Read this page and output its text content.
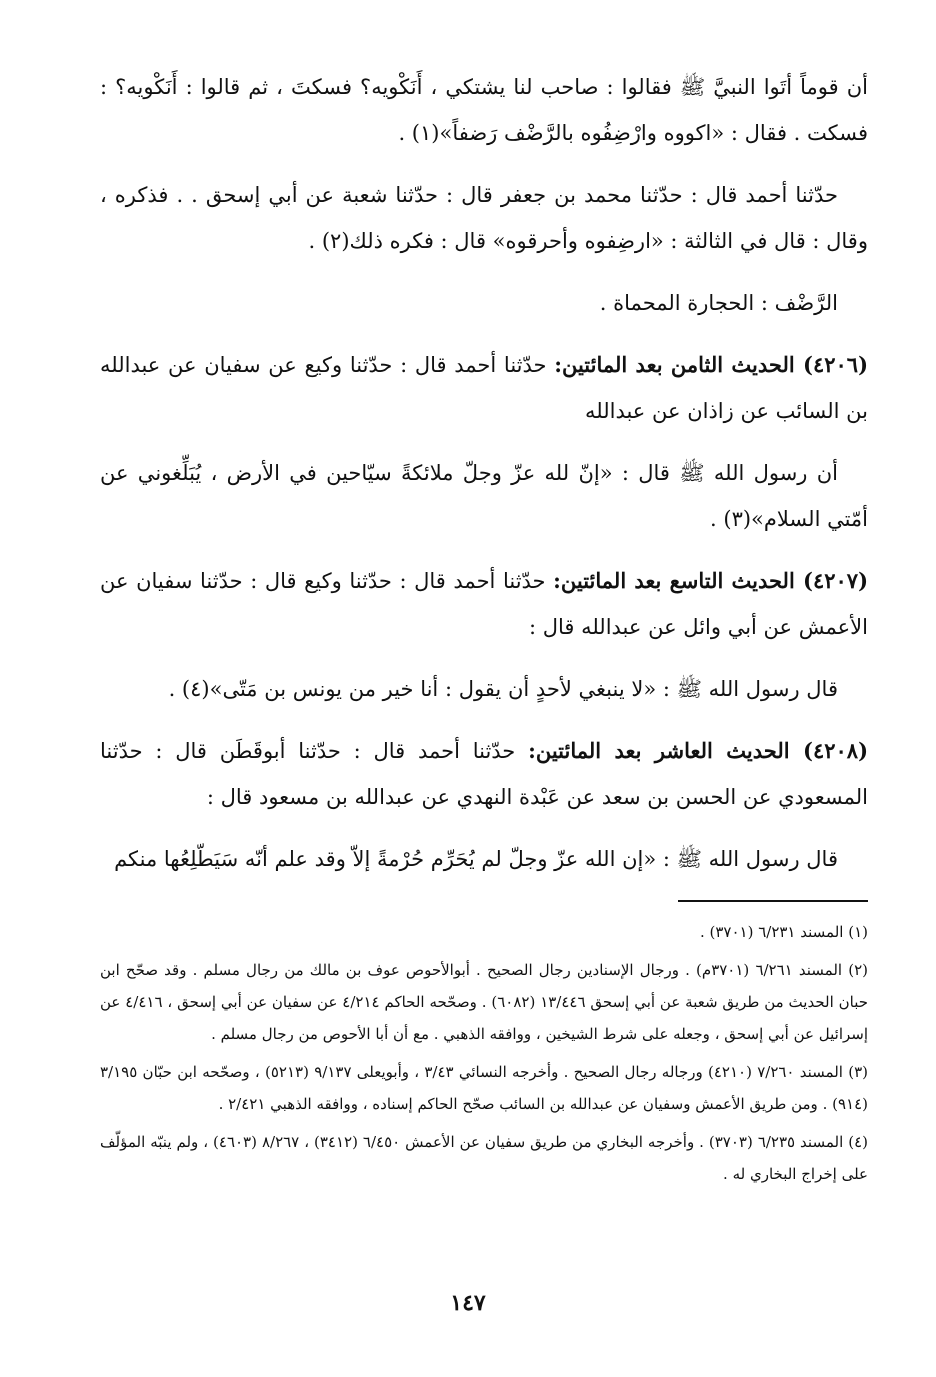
أن قوماً أتَوا النبيَّ ﷺ فقالوا : صاحب لنا يشتكي ، أَنَكْويه؟ فسكتَ ، ثم قالوا : أَنَكْويه؟ : فسكت . فقال : «اكووه وارْضِفُوه بالرَّضْف رَضفاً»(١) .

حدّثنا أحمد قال : حدّثنا محمد بن جعفر قال : حدّثنا شعبة عن أبي إسحق . . فذكره ، وقال : قال في الثالثة : «ارضِفوه وأحرقوه» قال : فكره ذلك(٢) .

الرَّضْف : الحجارة المحماة .

(٤٢٠٦) الحديث الثامن بعد المائتين: حدّثنا أحمد قال : حدّثنا وكيع عن سفيان عن عبدالله بن السائب عن زاذان عن عبدالله

أن رسول الله ﷺ قال : «إنّ لله عزّ وجلّ ملائكةً سيّاحين في الأرض ، يُبَلِّغوني عن أمّتي السلام»(٣) .

(٤٢٠٧) الحديث التاسع بعد المائتين: حدّثنا أحمد قال : حدّثنا وكيع قال : حدّثنا سفيان عن الأعمش عن أبي وائل عن عبدالله قال :

قال رسول الله ﷺ : «لا ينبغي لأحدٍ أن يقول : أنا خير من يونس بن مَتّى»(٤) .

(٤٢٠٨) الحديث العاشر بعد المائتين: حدّثنا أحمد قال : حدّثنا أبوقَطَن قال : حدّثنا المسعودي عن الحسن بن سعد عن عَبْدة النهدي عن عبدالله بن مسعود قال :

قال رسول الله ﷺ : «إن الله عزّ وجلّ لم يُحَرِّم حُرْمةً إلاّ وقد علم أنّه سَيَطّلِعُها منكم

(١) المسند ٦/٢٣١ (٣٧٠١) .

(٢) المسند ٦/٢٦١ (٣٧٠١م) . ورجال الإسنادين رجال الصحيح . أبوالأحوص عوف بن مالك من رجال مسلم . وقد صحّح ابن حبان الحديث من طريق شعبة عن أبي إسحق ١٣/٤٤٦ (٦٠٨٢) . وصحّحه الحاكم ٤/٢١٤ عن سفيان عن أبي إسحق ، ٤/٤١٦ عن إسرائيل عن أبي إسحق ، وجعله على شرط الشيخين ، ووافقه الذهبي . مع أن أبا الأحوص من رجال مسلم .

(٣) المسند ٧/٢٦٠ (٤٢١٠) ورجاله رجال الصحيح . وأخرجه النسائي ٣/٤٣ ، وأبويعلى ٩/١٣٧ (٥٢١٣) ، وصحّحه ابن حبّان ٣/١٩٥ (٩١٤) . ومن طريق الأعمش وسفيان عن عبدالله بن السائب صحّح الحاكم إسناده ، ووافقه الذهبي ٢/٤٢١ .

(٤) المسند ٦/٢٣٥ (٣٧٠٣) . وأخرجه البخاري من طريق سفيان عن الأعمش ٦/٤٥٠ (٣٤١٢) ، ٨/٢٦٧ (٤٦٠٣) ، ولم ينبّه المؤلّف على إخراج البخاري له .

١٤٧
